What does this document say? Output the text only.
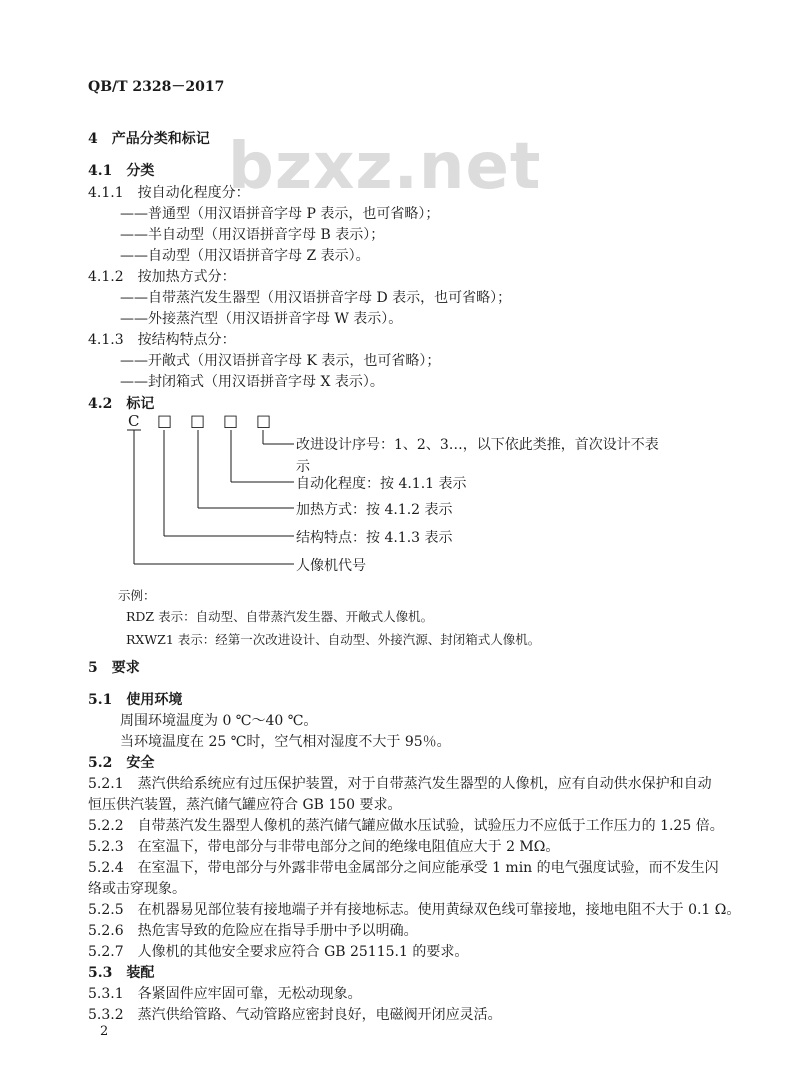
QB/T 2328－2017
bzxz.net
4　产品分类和标记
4.1　分类
4.1.1　按自动化程度分：
——普通型（用汉语拼音字母 P 表示，也可省略）；
——半自动型（用汉语拼音字母 B 表示）；
——自动型（用汉语拼音字母 Z 表示）。
4.1.2　按加热方式分：
——自带蒸汽发生器型（用汉语拼音字母 D 表示，也可省略）；
——外接蒸汽型（用汉语拼音字母 W 表示）。
4.1.3　按结构特点分：
——开敞式（用汉语拼音字母 K 表示，也可省略）；
——封闭箱式（用汉语拼音字母 X 表示）。
4.2　标记
C □ □ □ □
改进设计序号：1、2、3…，以下依此类推，首次设计不表
示
自动化程度：按 4.1.1 表示
加热方式：按 4.1.2 表示
结构特点：按 4.1.3 表示
人像机代号
示例：
RDZ 表示：自动型、自带蒸汽发生器、开敞式人像机。
RXWZ1 表示：经第一次改进设计、自动型、外接汽源、封闭箱式人像机。
5　要求
5.1　使用环境
周围环境温度为 0 ℃～40 ℃。
当环境温度在 25 ℃时，空气相对湿度不大于 95％。
5.2　安全
5.2.1　蒸汽供给系统应有过压保护装置，对于自带蒸汽发生器型的人像机，应有自动供水保护和自动
恒压供汽装置，蒸汽储气罐应符合 GB 150 要求。
5.2.2　自带蒸汽发生器型人像机的蒸汽储气罐应做水压试验，试验压力不应低于工作压力的 1.25 倍。
5.2.3　在室温下，带电部分与非带电部分之间的绝缘电阻值应大于 2 MΩ。
5.2.4　在室温下，带电部分与外露非带电金属部分之间应能承受 1 min 的电气强度试验，而不发生闪
络或击穿现象。
5.2.5　在机器易见部位装有接地端子并有接地标志。使用黄绿双色线可靠接地，接地电阻不大于 0.1 Ω。
5.2.6　热危害导致的危险应在指导手册中予以明确。
5.2.7　人像机的其他安全要求应符合 GB 25115.1 的要求。
5.3　装配
5.3.1　各紧固件应牢固可靠，无松动现象。
5.3.2　蒸汽供给管路、气动管路应密封良好，电磁阀开闭应灵活。
2
